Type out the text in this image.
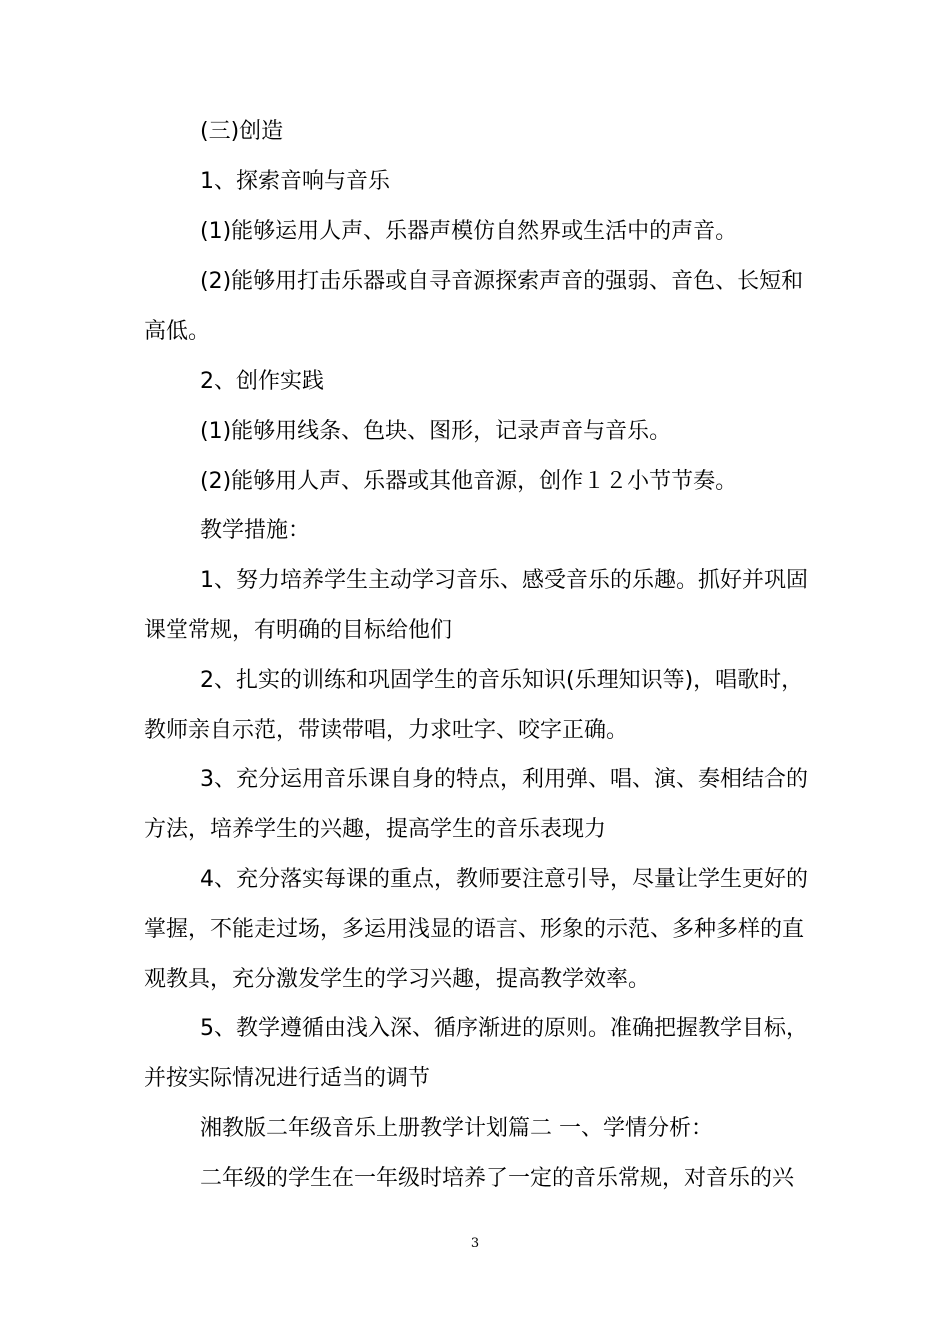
(三)创造
1、探索音响与音乐
(1)能够运用人声、乐器声模仿自然界或生活中的声音。
(2)能够用打击乐器或自寻音源探索声音的强弱、音色、长短和
高低。
2、创作实践
(1)能够用线条、色块、图形，记录声音与音乐。
(2)能够用人声、乐器或其他音源，创作１２小节节奏。
教学措施：
1、努力培养学生主动学习音乐、感受音乐的乐趣。抓好并巩固
课堂常规，有明确的目标给他们
2、扎实的训练和巩固学生的音乐知识(乐理知识等)，唱歌时，
教师亲自示范，带读带唱，力求吐字、咬字正确。
3、充分运用音乐课自身的特点，利用弹、唱、演、奏相结合的
方法，培养学生的兴趣，提高学生的音乐表现力
4、充分落实每课的重点，教师要注意引导，尽量让学生更好的
掌握，不能走过场，多运用浅显的语言、形象的示范、多种多样的直
观教具，充分激发学生的学习兴趣，提高教学效率。
5、教学遵循由浅入深、循序渐进的原则。准确把握教学目标，
并按实际情况进行适当的调节
湘教版二年级音乐上册教学计划篇二 一、学情分析：
二年级的学生在一年级时培养了一定的音乐常规，对音乐的兴
3
